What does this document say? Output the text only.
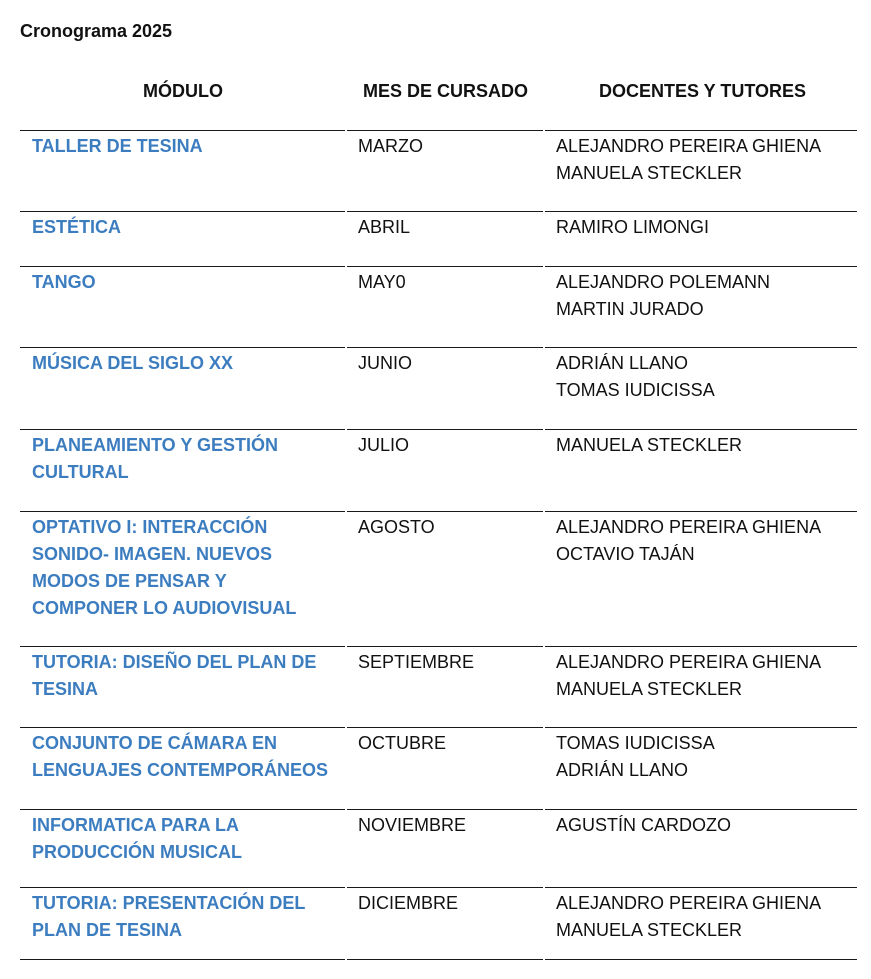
Cronograma 2025
MÓDULO	MES DE CURSADO	DOCENTES Y TUTORES

TALLER DE TESINA	MARZO	ALEJANDRO PEREIRA GHIENA
MANUELA STECKLER

ESTÉTICA	ABRIL	RAMIRO LIMONGI

TANGO	MAY0	ALEJANDRO POLEMANN
MARTIN JURADO

MÚSICA DEL SIGLO XX	JUNIO	ADRIÁN LLANO
TOMAS IUDICISSA

PLANEAMIENTO Y GESTIÓN
CULTURAL	JULIO	MANUELA STECKLER

OPTATIVO I: INTERACCIÓN
SONIDO- IMAGEN. NUEVOS
MODOS DE PENSAR Y
COMPONER LO AUDIOVISUAL	AGOSTO	ALEJANDRO PEREIRA GHIENA
OCTAVIO TAJÁN

TUTORIA: DISEÑO DEL PLAN DE
TESINA	SEPTIEMBRE	ALEJANDRO PEREIRA GHIENA
MANUELA STECKLER

CONJUNTO DE CÁMARA EN
LENGUAJES CONTEMPORÁNEOS	OCTUBRE	TOMAS IUDICISSA
ADRIÁN LLANO

INFORMATICA PARA LA
PRODUCCIÓN MUSICAL	NOVIEMBRE	AGUSTÍN CARDOZO

TUTORIA: PRESENTACIÓN DEL
PLAN DE TESINA	DICIEMBRE	ALEJANDRO PEREIRA GHIENA
MANUELA STECKLER
